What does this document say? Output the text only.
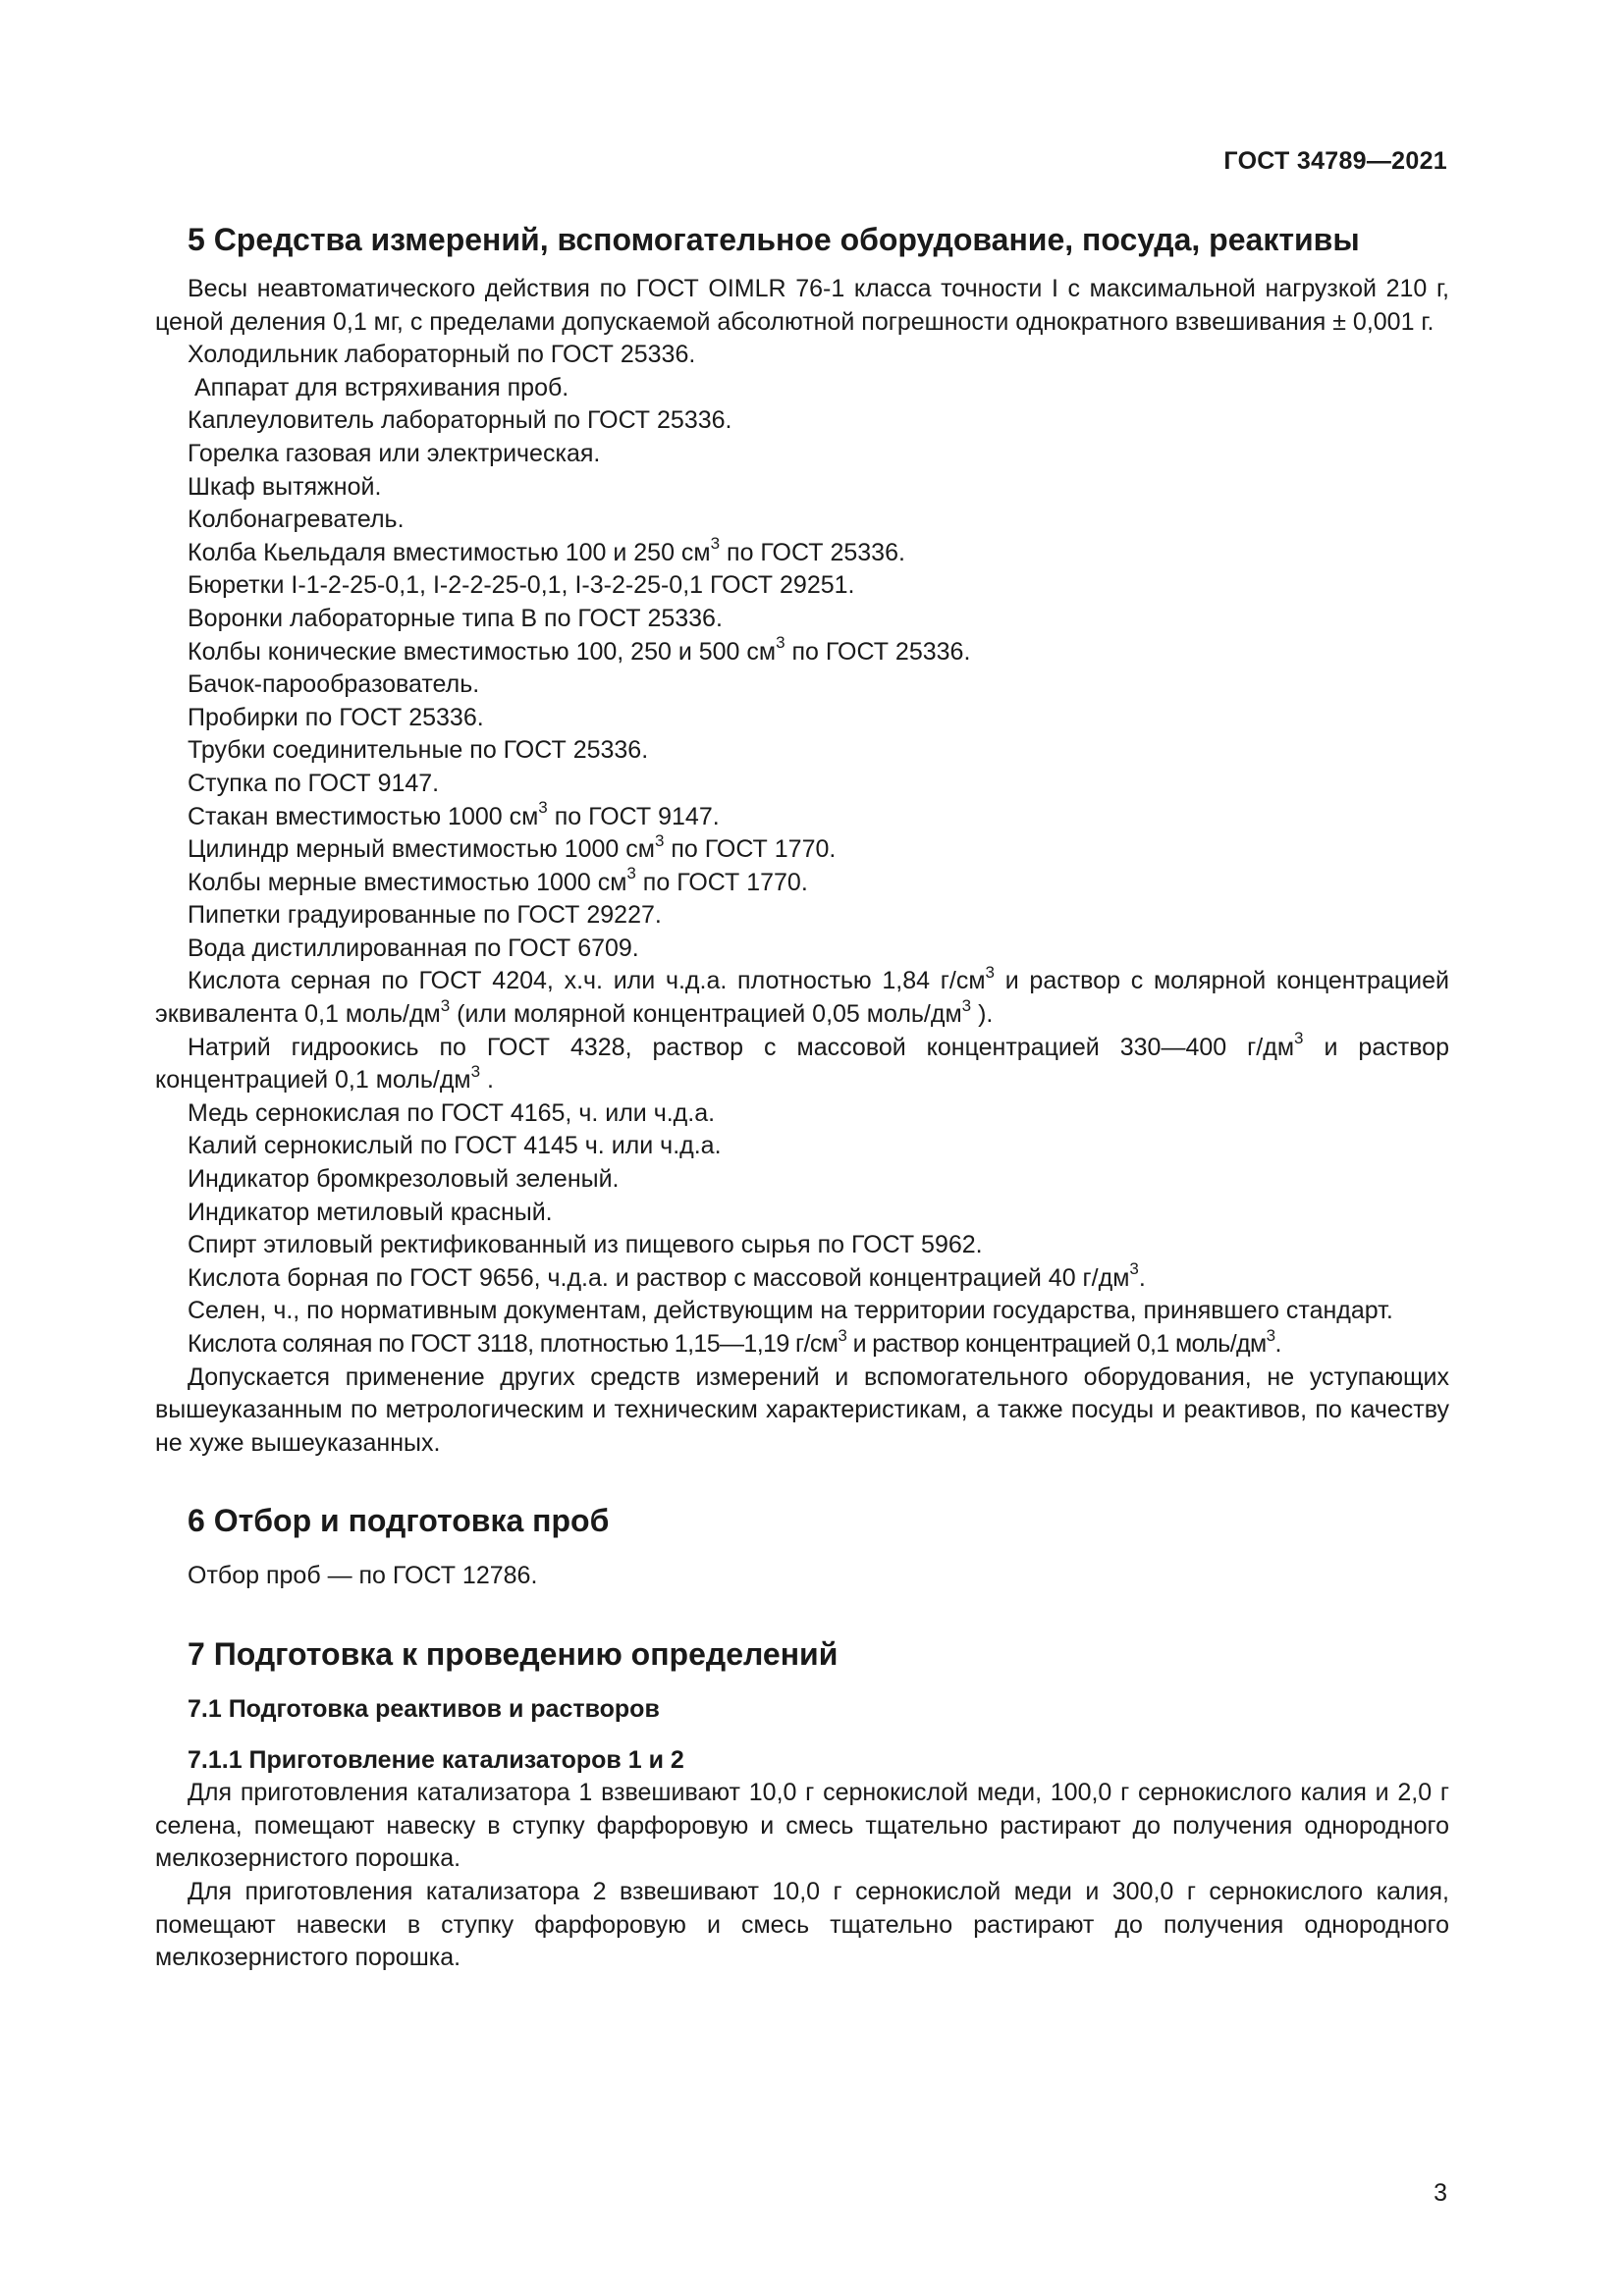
ГОСТ 34789—2021
5 Средства измерений, вспомогательное оборудование, посуда, реактивы

Весы неавтоматического действия по ГОСТ OIMLR 76-1 класса точности I с максимальной нагрузкой 210 г, ценой деления 0,1 мг, с пределами допускаемой абсолютной погрешности однократного взвешивания ± 0,001 г.

Холодильник лабораторный по ГОСТ 25336.
Аппарат для встряхивания проб.
Каплеуловитель лабораторный по ГОСТ 25336.
Горелка газовая или электрическая.
Шкаф вытяжной.
Колбонагреватель.
Колба Кьельдаля вместимостью 100 и 250 $см^3$ по ГОСТ 25336.
Бюретки I-1-2-25-0,1, I-2-2-25-0,1, I-3-2-25-0,1 ГОСТ 29251.
Воронки лабораторные типа В по ГОСТ 25336.
Колбы конические вместимостью 100, 250 и 500 $см^3$ по ГОСТ 25336.
Бачок-парообразователь.
Пробирки по ГОСТ 25336.
Трубки соединительные по ГОСТ 25336.
Ступка по ГОСТ 9147.
Стакан вместимостью 1000 $см^3$ по ГОСТ 9147.
Цилиндр мерный вместимостью 1000 $см^3$ по ГОСТ 1770.
Колбы мерные вместимостью 1000 $см^3$ по ГОСТ 1770.
Пипетки градуированные по ГОСТ 29227.
Вода дистиллированная по ГОСТ 6709.

Кислота серная по ГОСТ 4204, х.ч. или ч.д.а. плотностью 1,84 $г/см^3$ и раствор с молярной концентрацией эквивалента 0,1 моль/$дм^3$ (или молярной концентрацией 0,05 моль/$дм^3$ ).

Натрий гидроокись по ГОСТ 4328, раствор с массовой концентрацией 330—400 $г/дм^3$ и раствор концентрацией 0,1 моль/$дм^3$ .

Медь сернокислая по ГОСТ 4165, ч. или ч.д.а.
Калий сернокислый по ГОСТ 4145 ч. или ч.д.а.
Индикатор бромкрезоловый зеленый.
Индикатор метиловый красный.
Спирт этиловый ректификованный из пищевого сырья по ГОСТ 5962.
Кислота борная по ГОСТ 9656, ч.д.а. и раствор с массовой концентрацией 40 $г/дм^3$.

Селен, ч., по нормативным документам, действующим на территории государства, принявшего стандарт.

Кислота соляная по ГОСТ 3118, плотностью 1,15—1,19 $г/см^3$ и раствор концентрацией 0,1 моль/$дм^3$.

Допускается применение других средств измерений и вспомогательного оборудования, не уступающих вышеуказанным по метрологическим и техническим характеристикам, а также посуды и реактивов, по качеству не хуже вышеуказанных.

6 Отбор и подготовка проб
Отбор проб — по ГОСТ 12786.
7 Подготовка к проведению определений
7.1 Подготовка реактивов и растворов
7.1.1 Приготовление катализаторов 1 и 2

Для приготовления катализатора 1 взвешивают 10,0 г сернокислой меди, 100,0 г сернокислого калия и 2,0 г селена, помещают навеску в ступку фарфоровую и смесь тщательно растирают до получения однородного мелкозернистого порошка.

Для приготовления катализатора 2 взвешивают 10,0 г сернокислой меди и 300,0 г сернокислого калия, помещают навески в ступку фарфоровую и смесь тщательно растирают до получения однородного мелкозернистого порошка.

3
